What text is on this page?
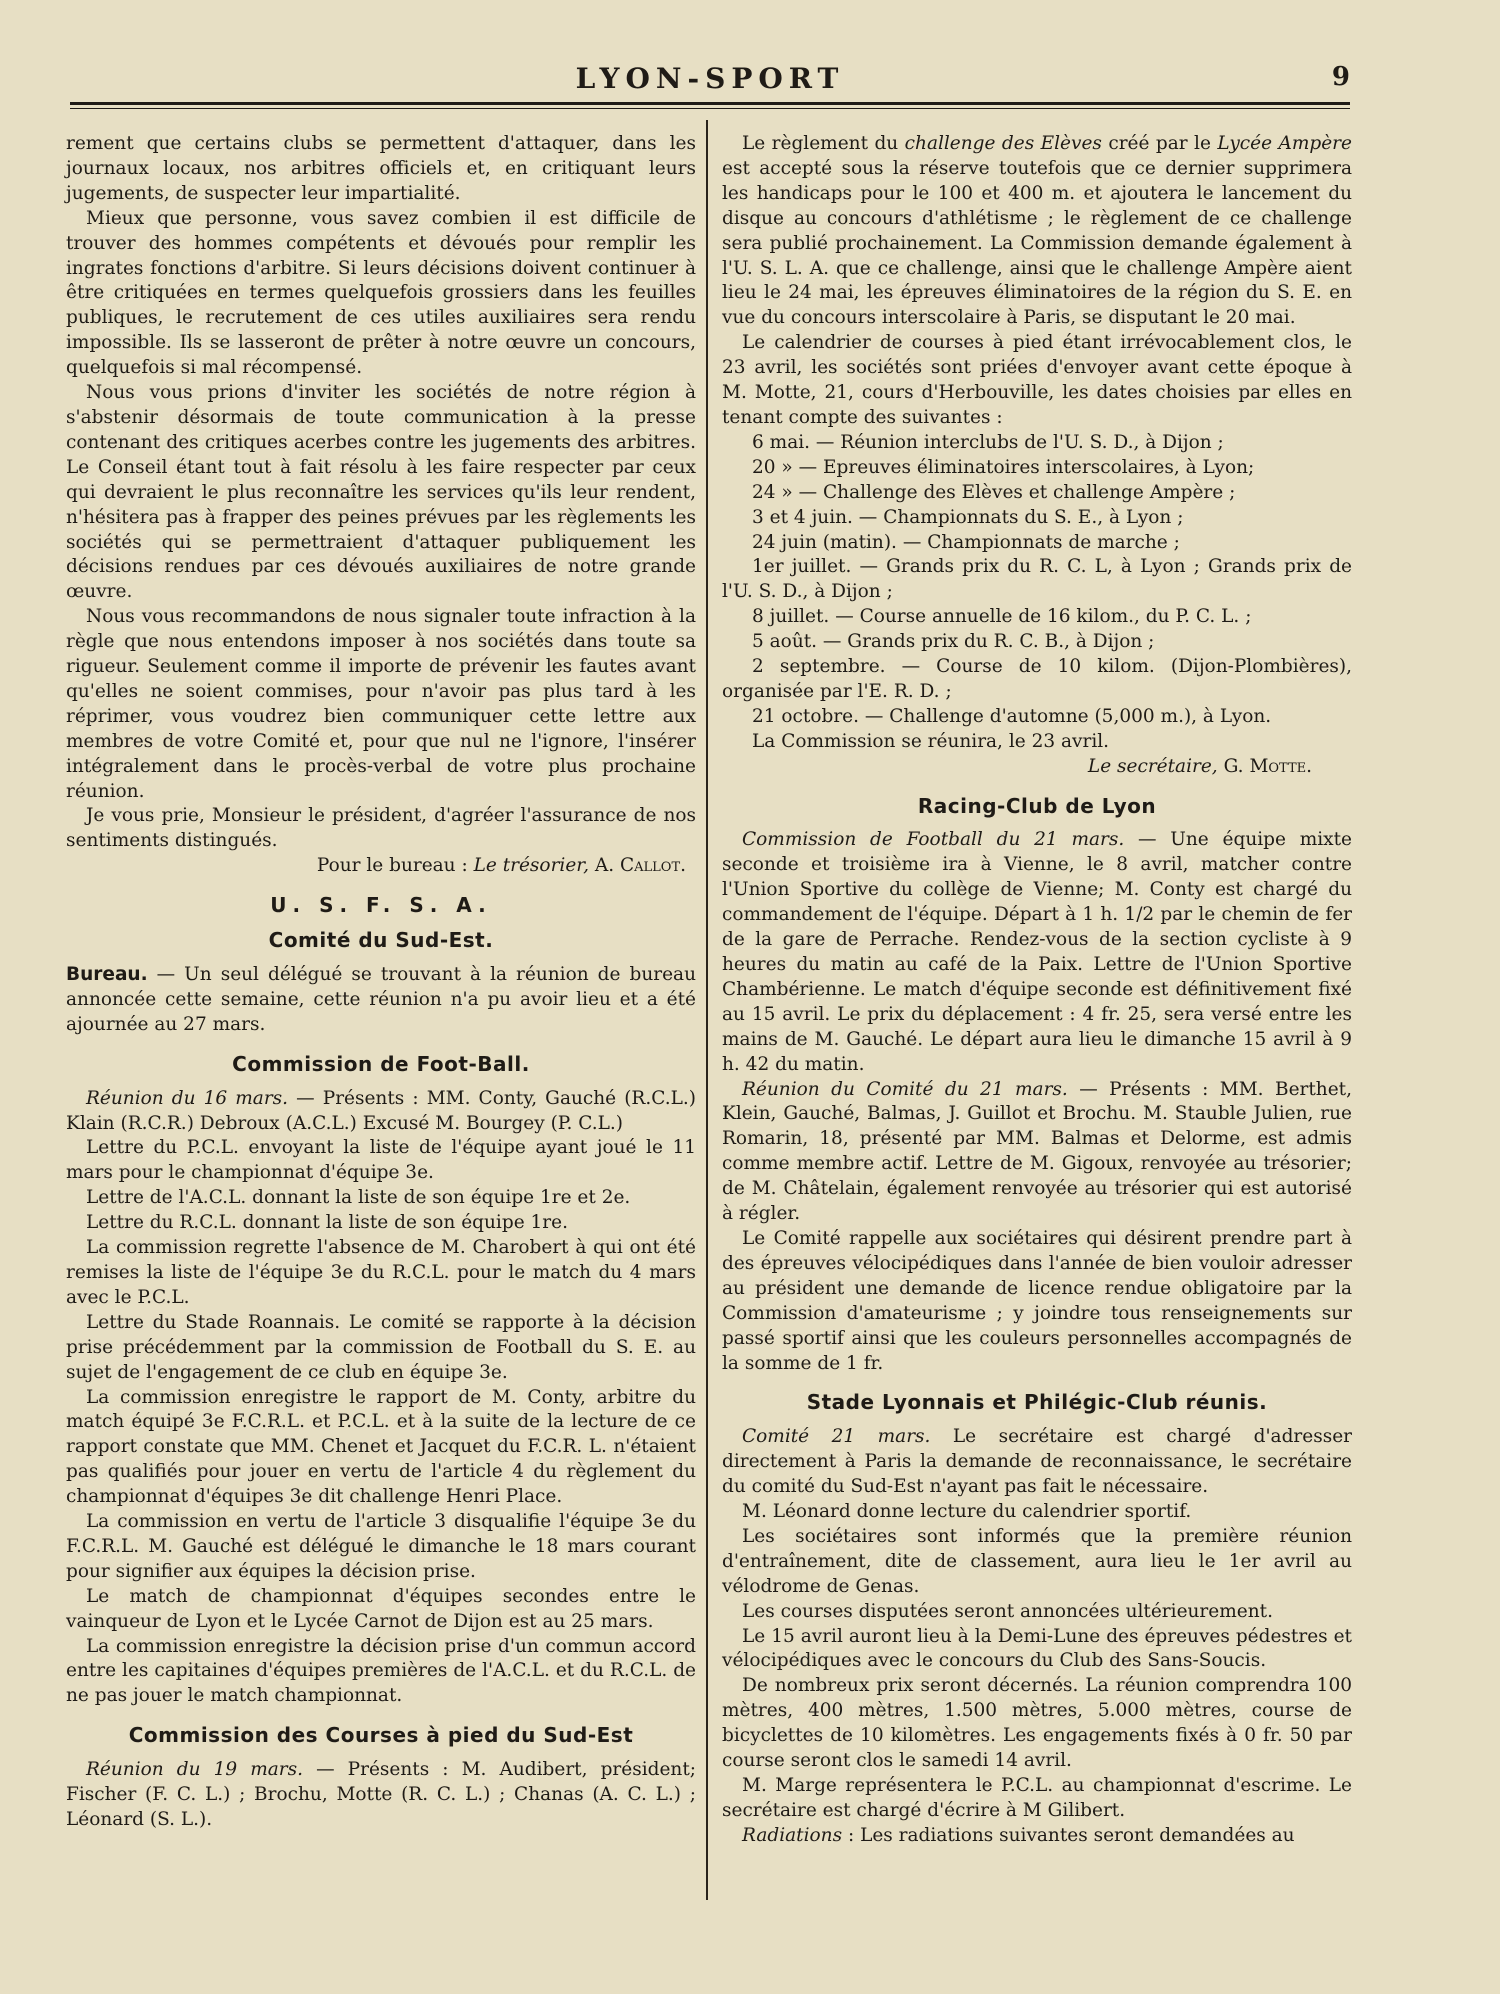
LYON-SPORT	9

rement que certains clubs se permettent d'attaquer, dans les journaux locaux, nos arbitres officiels et, en critiquant leurs jugements, de suspecter leur impartialité.

Mieux que personne, vous savez combien il est difficile de trouver des hommes compétents et dévoués pour remplir les ingrates fonctions d'arbitre. Si leurs décisions doivent continuer à être critiquées en termes quelquefois grossiers dans les feuilles publiques, le recrutement de ces utiles auxiliaires sera rendu impossible. Ils se lasseront de prêter à notre œuvre un concours, quelquefois si mal récompensé.

Nous vous prions d'inviter les sociétés de notre région à s'abstenir désormais de toute communication à la presse contenant des critiques acerbes contre les jugements des arbitres. Le Conseil étant tout à fait résolu à les faire respecter par ceux qui devraient le plus reconnaître les services qu'ils leur rendent, n'hésitera pas à frapper des peines prévues par les règlements les sociétés qui se permettraient d'attaquer publiquement les décisions rendues par ces dévoués auxiliaires de notre grande œuvre.

Nous vous recommandons de nous signaler toute infraction à la règle que nous entendons imposer à nos sociétés dans toute sa rigueur. Seulement comme il importe de prévenir les fautes avant qu'elles ne soient commises, pour n'avoir pas plus tard à les réprimer, vous voudrez bien communiquer cette lettre aux membres de votre Comité et, pour que nul ne l'ignore, l'insérer intégralement dans le procès-verbal de votre plus prochaine réunion.

Je vous prie, Monsieur le président, d'agréer l'assurance de nos sentiments distingués.

Pour le bureau : Le trésorier, A. Callot.

U. S. F. S. A.
Comité du Sud-Est.

Bureau. — Un seul délégué se trouvant à la réunion de bureau annoncée cette semaine, cette réunion n'a pu avoir lieu et a été ajournée au 27 mars.

Commission de Foot-Ball.

Réunion du 16 mars. — Présents : MM. Conty, Gauché (R.C.L.) Klain (R.C.R.) Debroux (A.C.L.) Excusé M. Bourgey (P. C.L.)

Lettre du P.C.L. envoyant la liste de l'équipe ayant joué le 11 mars pour le championnat d'équipe 3e.

Lettre de l'A.C.L. donnant la liste de son équipe 1re et 2e.

Lettre du R.C.L. donnant la liste de son équipe 1re.

La commission regrette l'absence de M. Charobert à qui ont été remises la liste de l'équipe 3e du R.C.L. pour le match du 4 mars avec le P.C.L.

Lettre du Stade Roannais. Le comité se rapporte à la décision prise précédemment par la commission de Football du S. E. au sujet de l'engagement de ce club en équipe 3e.

La commission enregistre le rapport de M. Conty, arbitre du match équipé 3e F.C.R.L. et P.C.L. et à la suite de la lecture de ce rapport constate que MM. Chenet et Jacquet du F.C.R. L. n'étaient pas qualifiés pour jouer en vertu de l'article 4 du règlement du championnat d'équipes 3e dit challenge Henri Place.

La commission en vertu de l'article 3 disqualifie l'équipe 3e du F.C.R.L. M. Gauché est délégué le dimanche le 18 mars courant pour signifier aux équipes la décision prise.

Le match de championnat d'équipes secondes entre le vainqueur de Lyon et le Lycée Carnot de Dijon est au 25 mars.

La commission enregistre la décision prise d'un commun accord entre les capitaines d'équipes premières de l'A.C.L. et du R.C.L. de ne pas jouer le match championnat.

Commission des Courses à pied du Sud-Est

Réunion du 19 mars. — Présents : M. Audibert, président; Fischer (F. C. L.) ; Brochu, Motte (R. C. L.) ; Chanas (A. C. L.) ; Léonard (S. L.).

Le règlement du challenge des Elèves créé par le Lycée Ampère est accepté sous la réserve toutefois que ce dernier supprimera les handicaps pour le 100 et 400 m. et ajoutera le lancement du disque au concours d'athlétisme ; le règlement de ce challenge sera publié prochainement. La Commission demande également à l'U. S. L. A. que ce challenge, ainsi que le challenge Ampère aient lieu le 24 mai, les épreuves éliminatoires de la région du S. E. en vue du concours interscolaire à Paris, se disputant le 20 mai.

Le calendrier de courses à pied étant irrévocablement clos, le 23 avril, les sociétés sont priées d'envoyer avant cette époque à M. Motte, 21, cours d'Herbouville, les dates choisies par elles en tenant compte des suivantes :

6 mai. — Réunion interclubs de l'U. S. D., à Dijon ;

20 » — Epreuves éliminatoires interscolaires, à Lyon;

24 » — Challenge des Elèves et challenge Ampère ;

3 et 4 juin. — Championnats du S. E., à Lyon ;

24 juin (matin). — Championnats de marche ;

1er juillet. — Grands prix du R. C. L, à Lyon ; Grands prix de l'U. S. D., à Dijon ;

8 juillet. — Course annuelle de 16 kilom., du P. C. L. ;

5 août. — Grands prix du R. C. B., à Dijon ;

2 septembre. — Course de 10 kilom. (Dijon-Plombières), organisée par l'E. R. D. ;

21 octobre. — Challenge d'automne (5,000 m.), à Lyon.

La Commission se réunira, le 23 avril.

Le secrétaire, G. Motte.

Racing-Club de Lyon

Commission de Football du 21 mars. — Une équipe mixte seconde et troisième ira à Vienne, le 8 avril, matcher contre l'Union Sportive du collège de Vienne; M. Conty est chargé du commandement de l'équipe. Départ à 1 h. 1/2 par le chemin de fer de la gare de Perrache. Rendez-vous de la section cycliste à 9 heures du matin au café de la Paix. Lettre de l'Union Sportive Chambérienne. Le match d'équipe seconde est définitivement fixé au 15 avril. Le prix du déplacement : 4 fr. 25, sera versé entre les mains de M. Gauché. Le départ aura lieu le dimanche 15 avril à 9 h. 42 du matin.

Réunion du Comité du 21 mars. — Présents : MM. Berthet, Klein, Gauché, Balmas, J. Guillot et Brochu. M. Stauble Julien, rue Romarin, 18, présenté par MM. Balmas et Delorme, est admis comme membre actif. Lettre de M. Gigoux, renvoyée au trésorier; de M. Châtelain, également renvoyée au trésorier qui est autorisé à régler.

Le Comité rappelle aux sociétaires qui désirent prendre part à des épreuves vélocipédiques dans l'année de bien vouloir adresser au président une demande de licence rendue obligatoire par la Commission d'amateurisme ; y joindre tous renseignements sur passé sportif ainsi que les couleurs personnelles accompagnés de la somme de 1 fr.

Stade Lyonnais et Philégic-Club réunis.

Comité 21 mars. Le secrétaire est chargé d'adresser directement à Paris la demande de reconnaissance, le secrétaire du comité du Sud-Est n'ayant pas fait le nécessaire.

M. Léonard donne lecture du calendrier sportif.

Les sociétaires sont informés que la première réunion d'entraînement, dite de classement, aura lieu le 1er avril au vélodrome de Genas.

Les courses disputées seront annoncées ultérieurement.

Le 15 avril auront lieu à la Demi-Lune des épreuves pédestres et vélocipédiques avec le concours du Club des Sans-Soucis.

De nombreux prix seront décernés. La réunion comprendra 100 mètres, 400 mètres, 1.500 mètres, 5.000 mètres, course de bicyclettes de 10 kilomètres. Les engagements fixés à 0 fr. 50 par course seront clos le samedi 14 avril.

M. Marge représentera le P.C.L. au championnat d'escrime. Le secrétaire est chargé d'écrire à M Gilibert.

Radiations : Les radiations suivantes seront demandées au
